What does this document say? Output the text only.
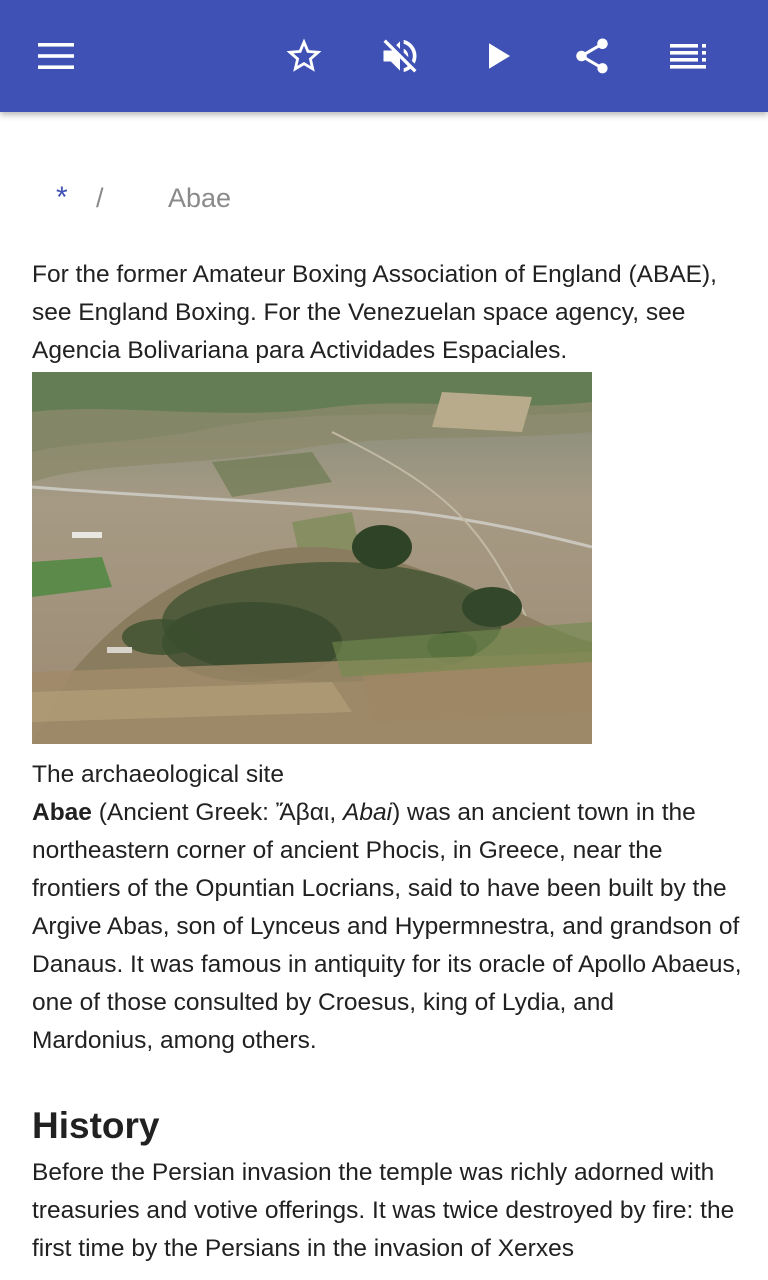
*	/	Abae

For the former Amateur Boxing Association of England (ABAE), see England Boxing. For the Venezuelan space agency, see Agencia Bolivariana para Actividades Espaciales.

The archaeological site

Abae (Ancient Greek: Ἄβαι, Abai) was an ancient town in the northeastern corner of ancient Phocis, in Greece, near the frontiers of the Opuntian Locrians, said to have been built by the Argive Abas, son of Lynceus and Hypermnestra, and grandson of Danaus. It was famous in antiquity for its oracle of Apollo Abaeus, one of those consulted by Croesus, king of Lydia, and Mardonius, among others.

History

Before the Persian invasion the temple was richly adorned with treasuries and votive offerings. It was twice destroyed by fire: the first time by the Persians in the invasion of Xerxes
